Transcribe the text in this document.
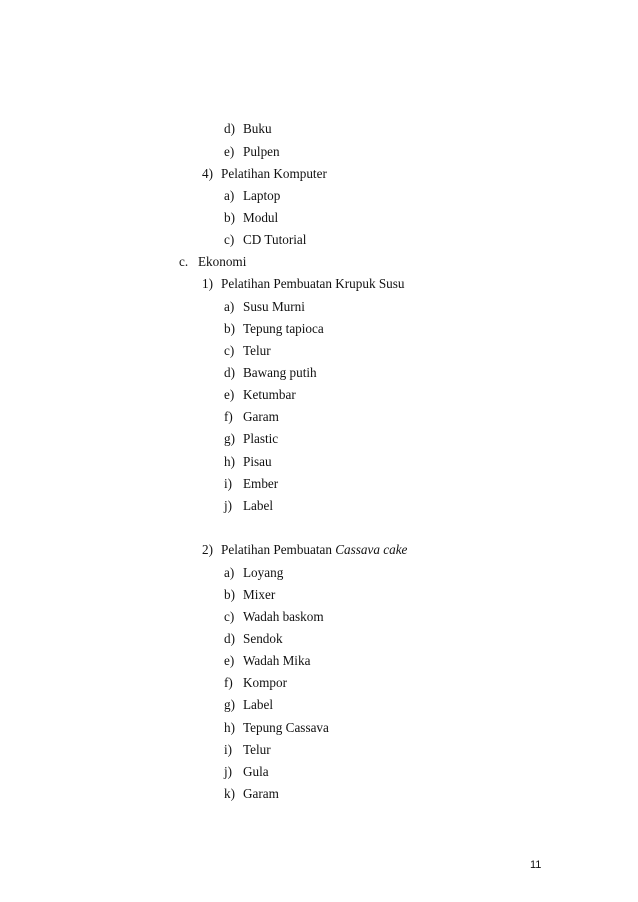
d) Buku
e) Pulpen
4) Pelatihan Komputer
a) Laptop
b) Modul
c) CD Tutorial
c. Ekonomi
1) Pelatihan Pembuatan Krupuk Susu
a) Susu Murni
b) Tepung tapioca
c) Telur
d) Bawang putih
e) Ketumbar
f) Garam
g) Plastic
h) Pisau
i) Ember
j) Label
2) Pelatihan Pembuatan Cassava cake
a) Loyang
b) Mixer
c) Wadah baskom
d) Sendok
e) Wadah Mika
f) Kompor
g) Label
h) Tepung Cassava
i) Telur
j) Gula
k) Garam
11
